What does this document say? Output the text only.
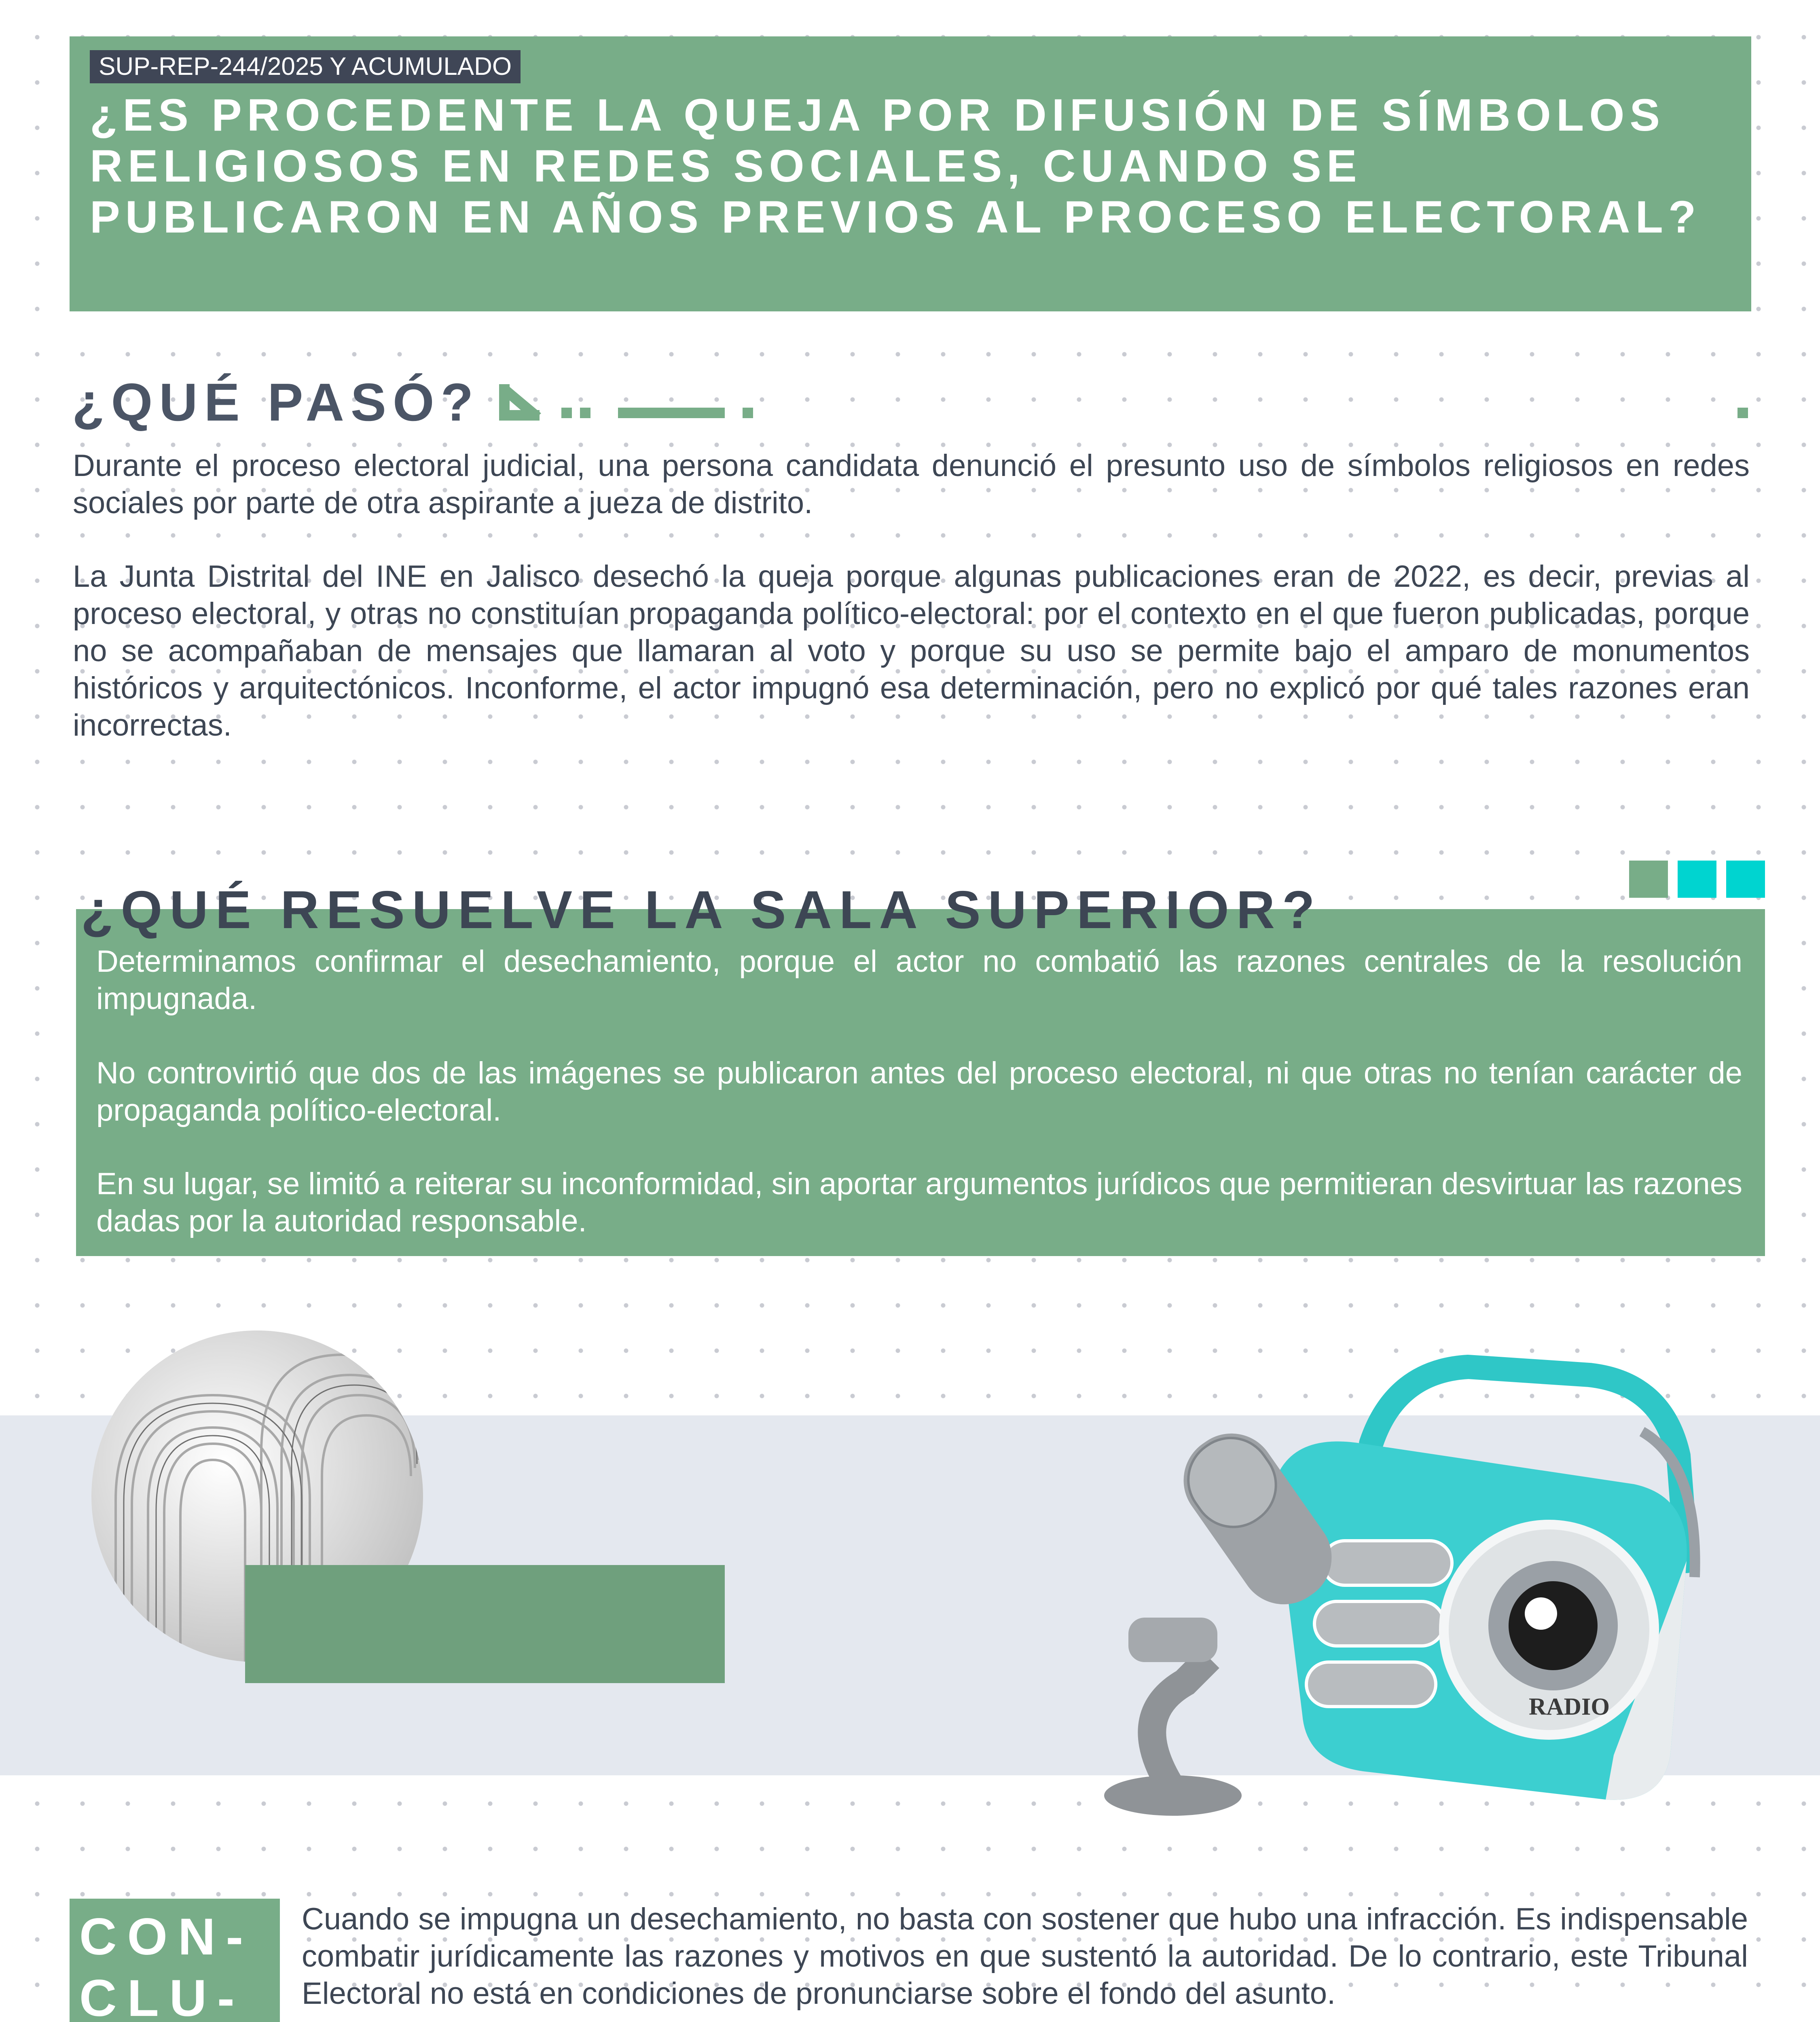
SUP-REP-244/2025 Y ACUMULADO
¿ES PROCEDENTE LA QUEJA POR DIFUSIÓN DE SÍMBOLOS RELIGIOSOS EN REDES SOCIALES, CUANDO SE PUBLICARON EN AÑOS PREVIOS AL PROCESO ELECTORAL?
¿QUÉ PASÓ?

Durante el proceso electoral judicial, una persona candidata denunció el presunto uso de símbolos religiosos en redes sociales por parte de otra aspirante a jueza de distrito.

La Junta Distrital del INE en Jalisco desechó la queja porque algunas publicaciones eran de 2022, es decir, previas al proceso electoral, y otras no constituían propaganda político-electoral: por el contexto en el que fueron publicadas, porque no se acompañaban de mensajes que llamaran al voto y porque su uso se permite bajo el amparo de monumentos históricos y arquitectónicos. Inconforme, el actor impugnó esa determinación, pero no explicó por qué tales razones eran incorrectas.

¿QUÉ RESUELVE LA SALA SUPERIOR?

Determinamos confirmar el desechamiento, porque el actor no combatió las razones centrales de la resolución impugnada.

No controvirtió que dos de las imágenes se publicaron antes del proceso electoral, ni que otras no tenían carácter de propaganda político-electoral.

En su lugar, se limitó a reiterar su inconformidad, sin aportar argumentos jurídicos que permitieran desvirtuar las razones dadas por la autoridad responsable.

RADIO
CON-
CLU-

Cuando se impugna un desechamiento, no basta con sostener que hubo una infracción. Es indispensable combatir jurídicamente las razones y motivos en que sustentó la autoridad. De lo contrario, este Tribunal Electoral no está en condiciones de pronunciarse sobre el fondo del asunto.
